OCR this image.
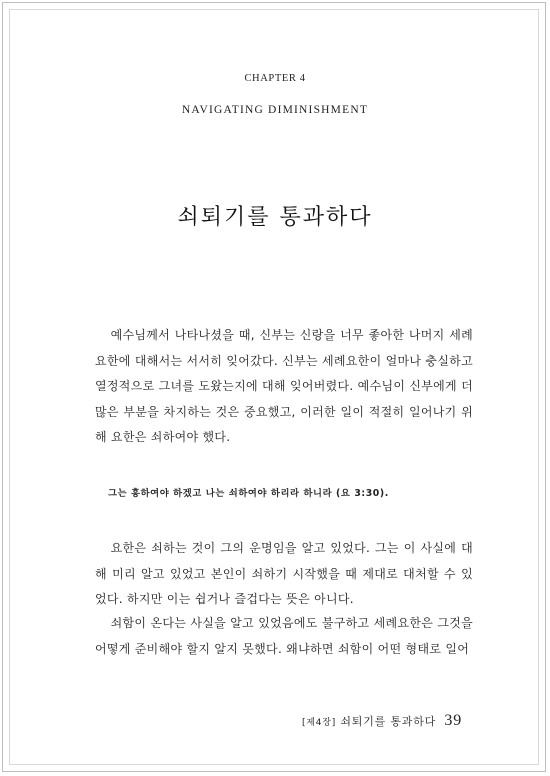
CHAPTER 4
NAVIGATING DIMINISHMENT
쇠퇴기를 통과하다
예수님께서 나타나셨을 때, 신부는 신랑을 너무 좋아한 나머지 세례 요한에 대해서는 서서히 잊어갔다. 신부는 세례요한이 얼마나 충실하고 열정적으로 그녀를 도왔는지에 대해 잊어버렸다. 예수님이 신부에게 더 많은 부분을 차지하는 것은 중요했고, 이러한 일이 적절히 일어나기 위해 요한은 쇠하여야 했다.
그는 흥하여야 하겠고 나는 쇠하여야 하리라 하니라 (요 3:30).
요한은 쇠하는 것이 그의 운명임을 알고 있었다. 그는 이 사실에 대해 미리 알고 있었고 본인이 쇠하기 시작했을 때 제대로 대처할 수 있었다. 하지만 이는 쉽거나 즐겁다는 뜻은 아니다.
쇠함이 온다는 사실을 알고 있었음에도 불구하고 세례요한은 그것을 어떻게 준비해야 할지 알지 못했다. 왜냐하면 쇠함이 어떤 형태로 일어
[제4장] 쇠퇴기를 통과하다 39
